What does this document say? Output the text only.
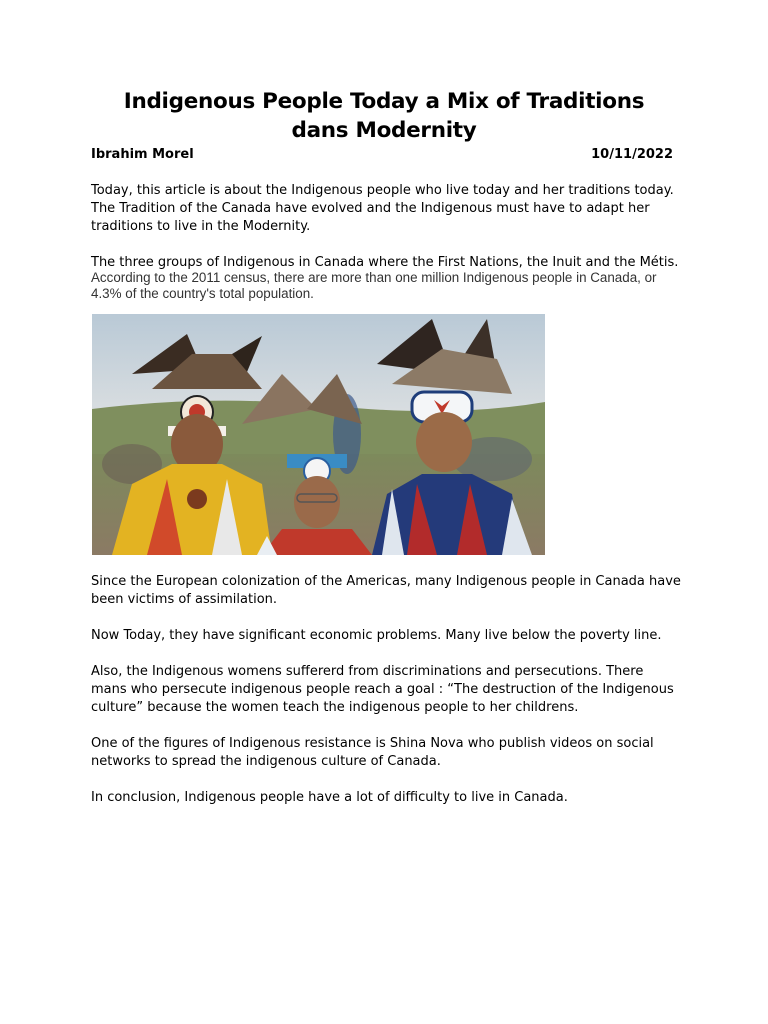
Indigenous People Today a Mix of Traditions dans Modernity
Ibrahim Morel	10/11/2022
Today, this article is about the Indigenous people who live today and her traditions today. The Tradition of the Canada have evolved and the Indigenous must have to adapt her traditions to live in the Modernity.
The three groups of Indigenous in Canada where the First Nations, the Inuit and the Métis.
According to the 2011 census, there are more than one million Indigenous people in Canada, or 4.3% of the country's total population.
Since the European colonization of the Americas, many Indigenous people in Canada have been victims of assimilation.
Now Today, they have significant economic problems. Many live below the poverty line.
Also, the Indigenous womens suffererd from discriminations and persecutions. There mans who persecute indigenous people reach a goal : “The destruction of the Indigenous culture” because the women teach the indigenous people to her childrens.
One of the figures of Indigenous resistance is Shina Nova who publish videos on social networks to spread the indigenous culture of Canada.
In conclusion, Indigenous people have a lot of difficulty to live in Canada.
